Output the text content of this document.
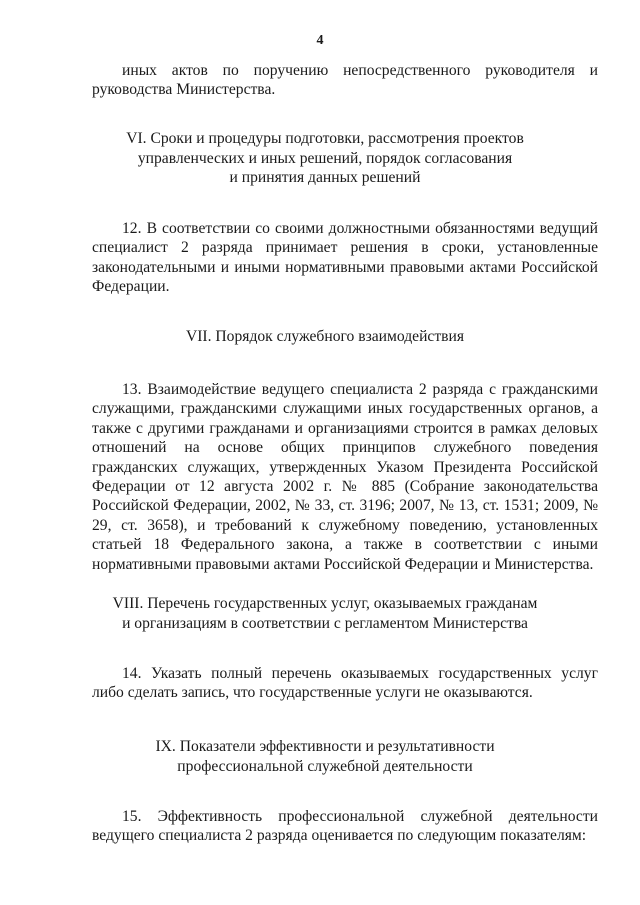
4

иных актов по поручению непосредственного руководителя и руководства Министерства.

VI. Сроки и процедуры подготовки, рассмотрения проектов
управленческих и иных решений, порядок согласования
и принятия данных решений

12. В соответствии со своими должностными обязанностями ведущий специалист 2 разряда принимает решения в сроки, установленные законодательными и иными нормативными правовыми актами Российской Федерации.

VII. Порядок служебного взаимодействия

13. Взаимодействие ведущего специалиста 2 разряда с гражданскими служащими, гражданскими служащими иных государственных органов, а также с другими гражданами и организациями строится в рамках деловых отношений на основе общих принципов служебного поведения гражданских служащих, утвержденных Указом Президента Российской Федерации от 12 августа 2002 г. № 885 (Собрание законодательства Российской Федерации, 2002, № 33, ст. 3196; 2007, № 13, ст. 1531; 2009, № 29, ст. 3658), и требований к служебному поведению, установленных статьей 18 Федерального закона, а также в соответствии с иными нормативными правовыми актами Российской Федерации и Министерства.

VIII. Перечень государственных услуг, оказываемых гражданам
и организациям в соответствии с регламентом Министерства

14. Указать полный перечень оказываемых государственных услуг либо сделать запись, что государственные услуги не оказываются.

IX. Показатели эффективности и результативности
профессиональной служебной деятельности

15. Эффективность профессиональной служебной деятельности ведущего специалиста 2 разряда оценивается по следующим показателям:
